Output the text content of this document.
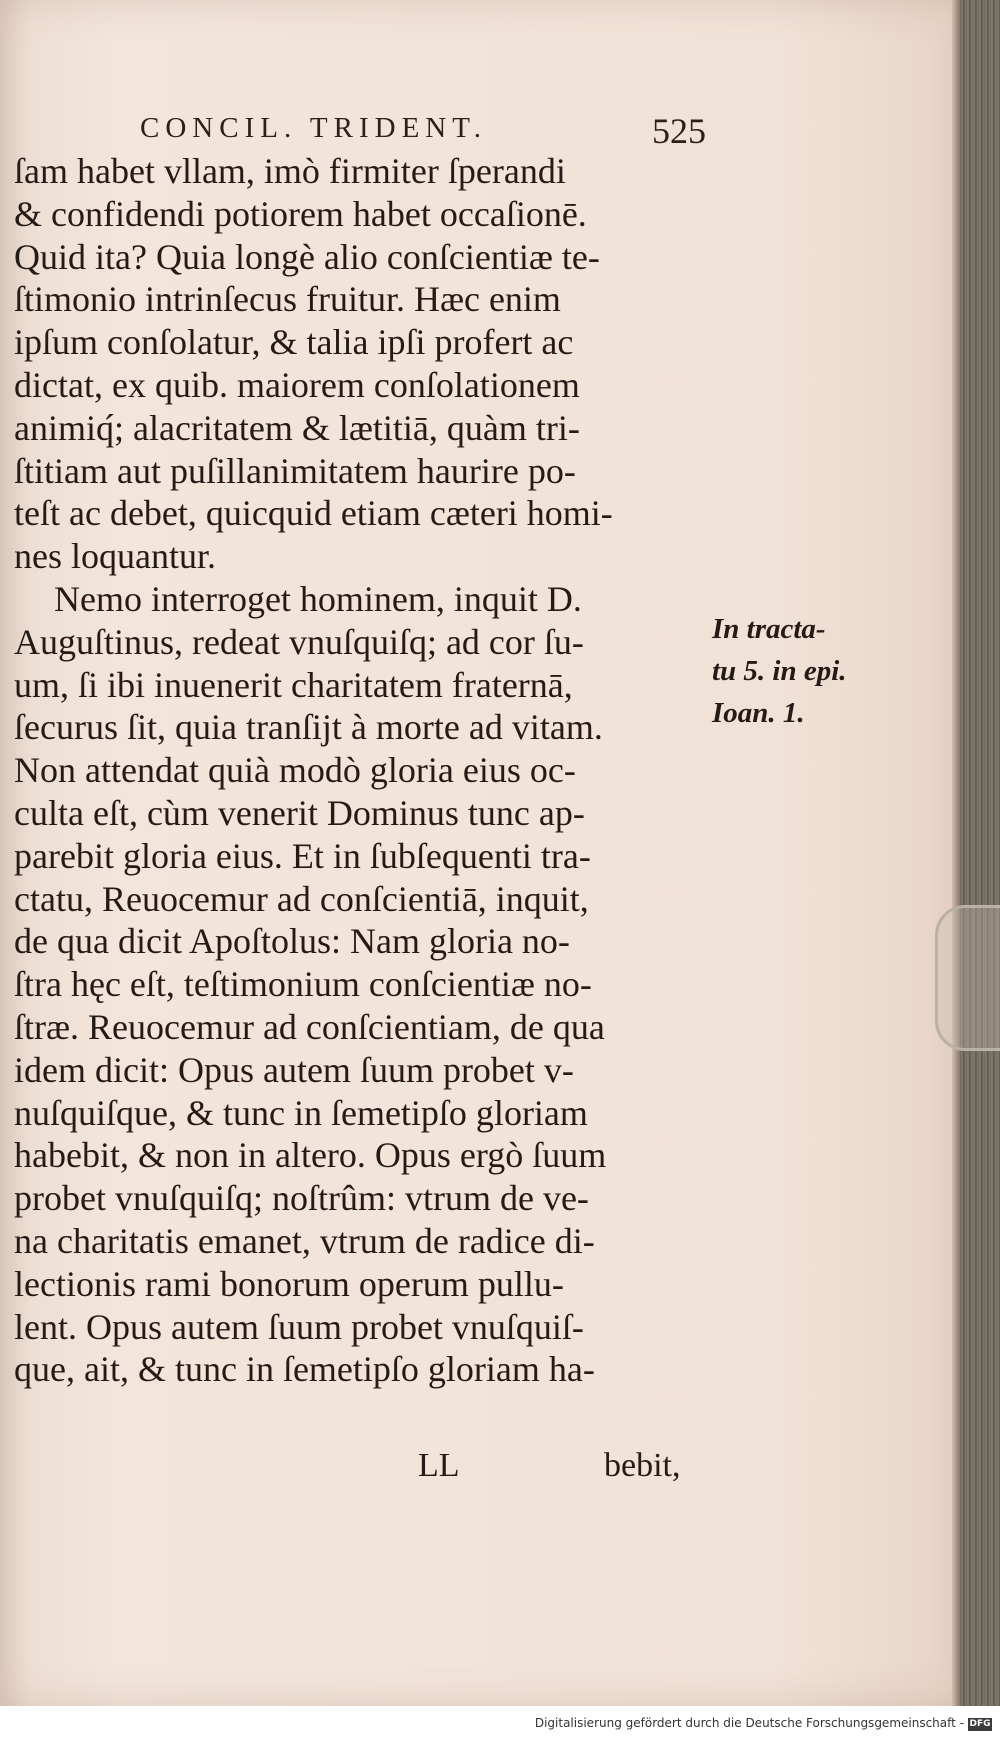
CONCIL. TRIDENT.	525
ſam habet vllam, imò firmiter ſperandi
& confidendi potiorem habet occaſionē.
Quid ita? Quia longè alio conſcientiæ te-
ſtimonio intrinſecus fruitur. Hæc enim
ipſum conſolatur, & talia ipſi profert ac
dictat, ex quib. maiorem conſolationem
animiq́; alacritatem & lætitiā, quàm tri-
ſtitiam aut puſillanimitatem haurire po-
teſt ac debet, quicquid etiam cæteri homi-
nes loquantur.
Nemo interroget hominem, inquit D.
Auguſtinus, redeat vnuſquiſq; ad cor ſu-
um, ſi ibi inuenerit charitatem fraternā,
ſecurus ſit, quia tranſijt à morte ad vitam.
Non attendat quià modò gloria eius oc-
culta eſt, cùm venerit Dominus tunc ap-
parebit gloria eius. Et in ſubſequenti tra-
ctatu, Reuocemur ad conſcientiā, inquit,
de qua dicit Apoſtolus: Nam gloria no-
ſtra hęc eſt, teſtimonium conſcientiæ no-
ſtræ. Reuocemur ad conſcientiam, de qua
idem dicit: Opus autem ſuum probet v-
nuſquiſque, & tunc in ſemetipſo gloriam
habebit, & non in altero. Opus ergò ſuum
probet vnuſquiſq; noſtrûm: vtrum de ve-
na charitatis emanet, vtrum de radice di-
lectionis rami bonorum operum pullu-
lent. Opus autem ſuum probet vnuſquiſ-
que, ait, & tunc in ſemetipſo gloriam ha-
In tracta-
tu 5. in epi.
Ioan. 1.
LL	bebit,
Digitalisierung gefördert durch die Deutsche Forschungsgemeinschaft - DFG
